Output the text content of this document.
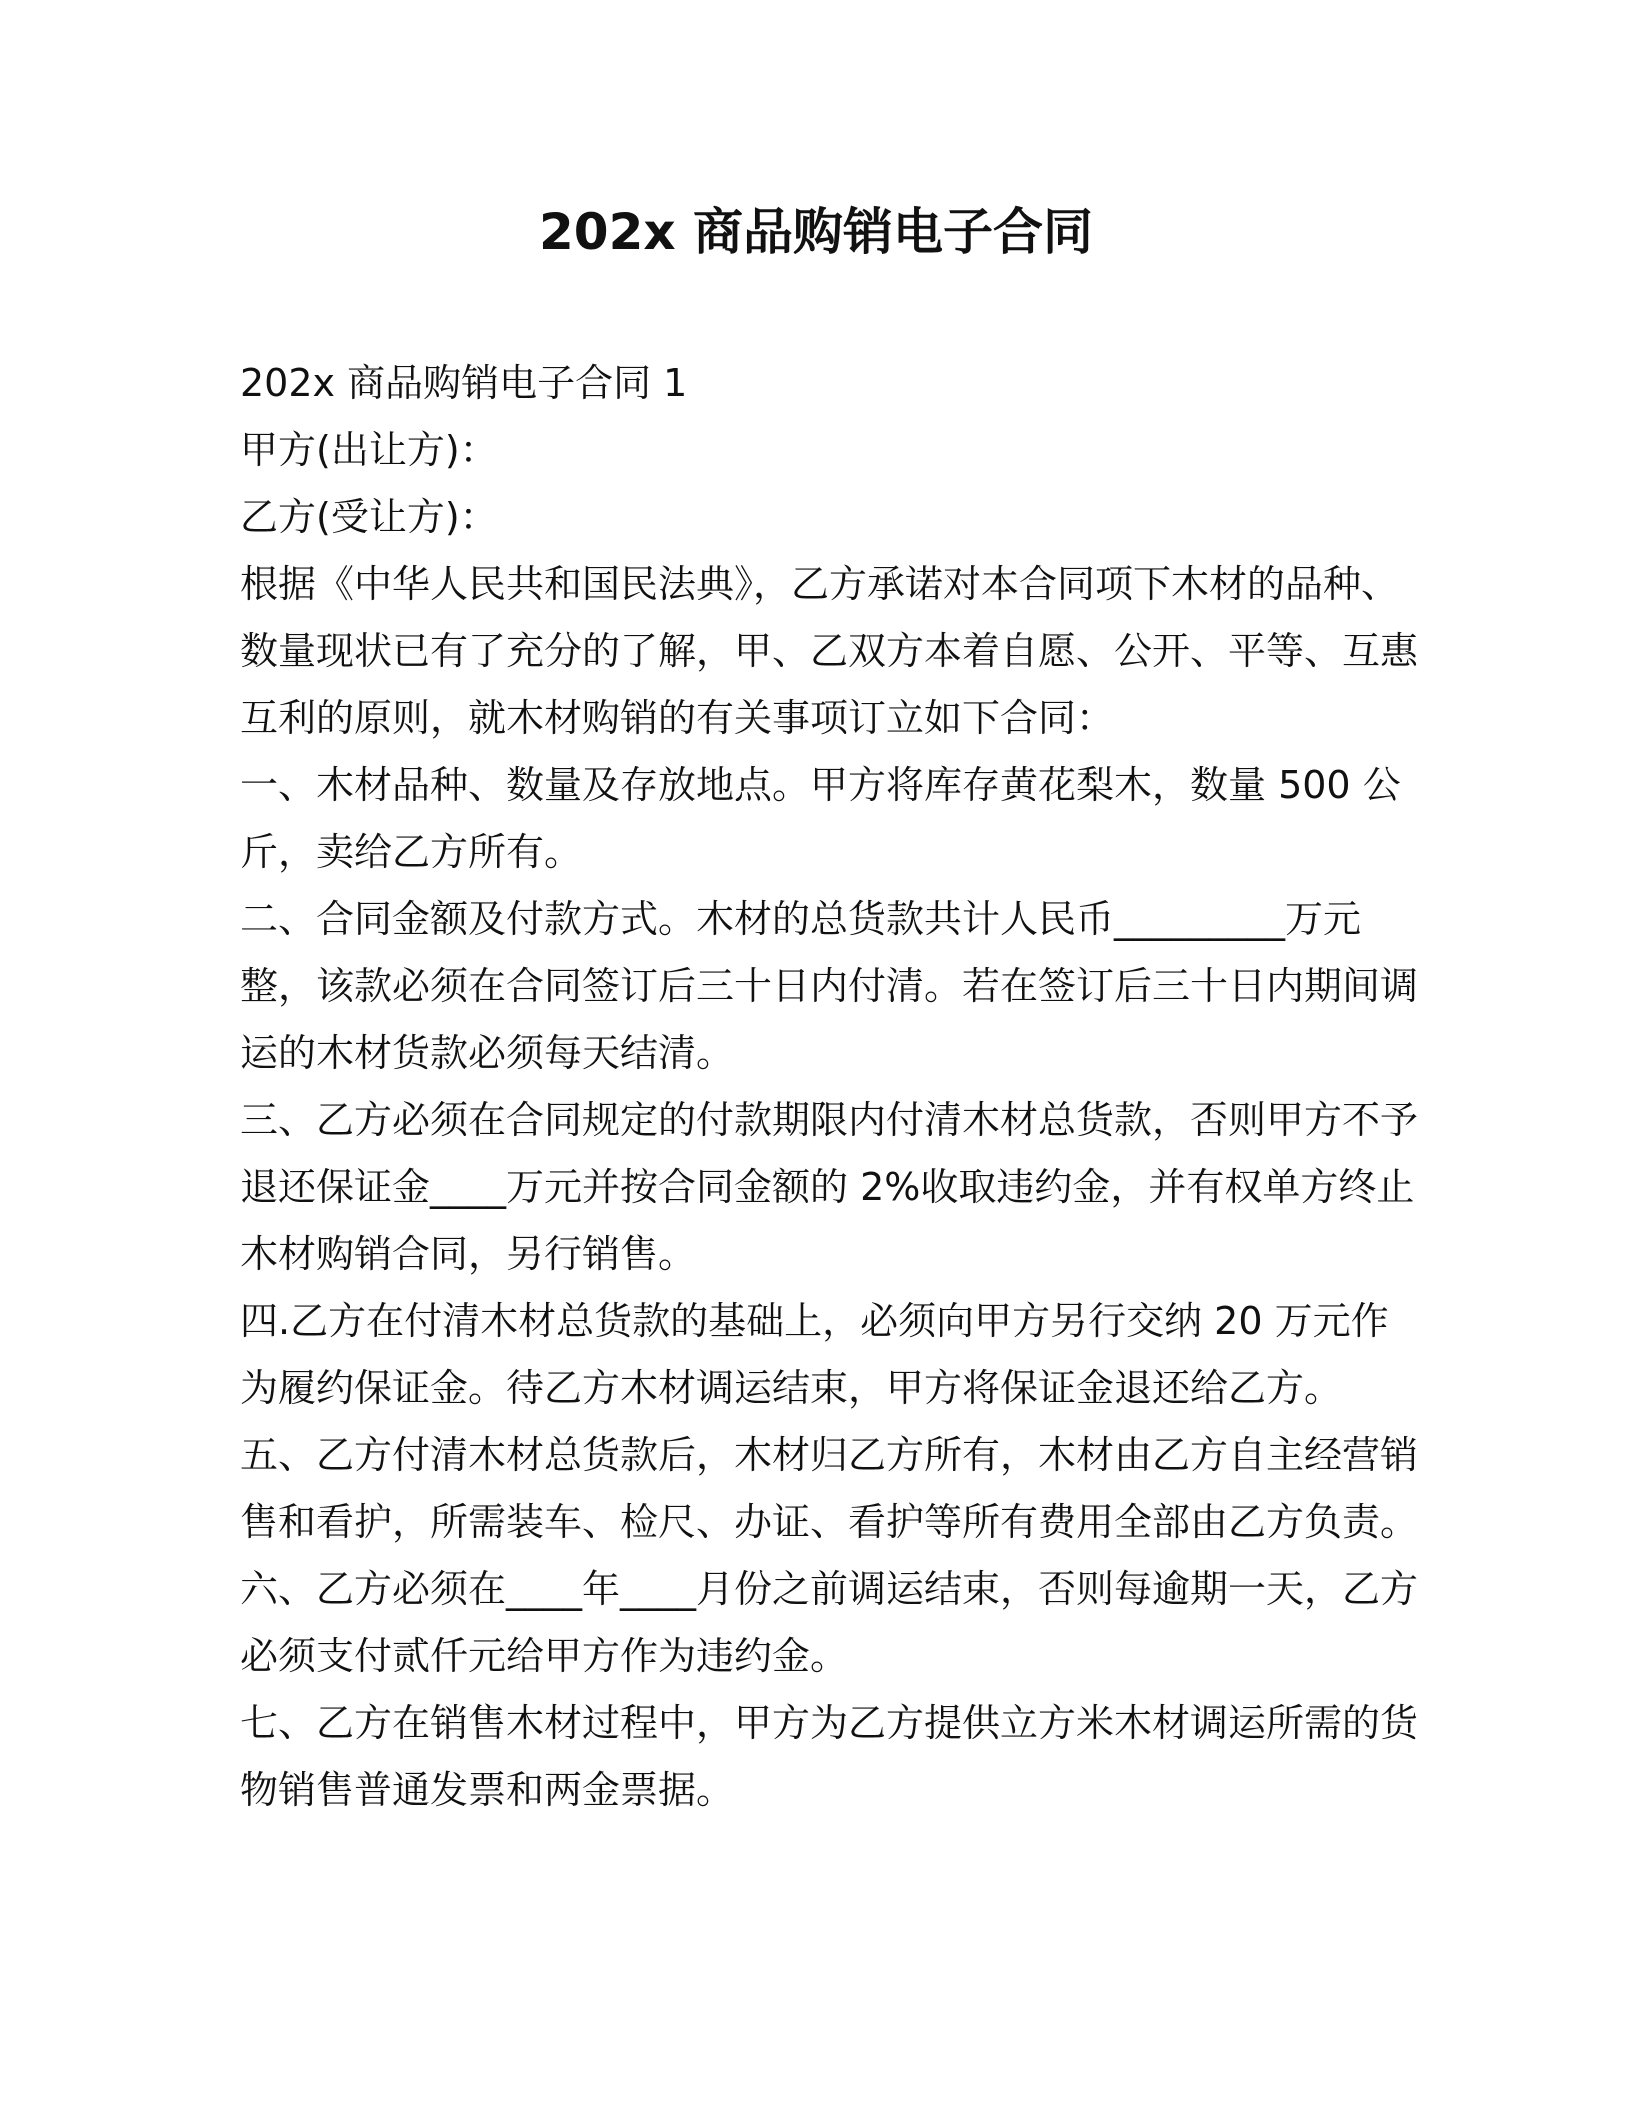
202x 商品购销电子合同

202x 商品购销电子合同 1

甲方(出让方)：

乙方(受让方)：

根据《中华人民共和国民法典》，乙方承诺对本合同项下木材的品种、数量现状已有了充分的了解，甲、乙双方本着自愿、公开、平等、互惠互利的原则，就木材购销的有关事项订立如下合同：

一、木材品种、数量及存放地点。甲方将库存黄花梨木，数量 500 公斤，卖给乙方所有。

二、合同金额及付款方式。木材的总货款共计人民币_________万元整，该款必须在合同签订后三十日内付清。若在签订后三十日内期间调运的木材货款必须每天结清。

三、乙方必须在合同规定的付款期限内付清木材总货款，否则甲方不予退还保证金____万元并按合同金额的 2%收取违约金，并有权单方终止木材购销合同，另行销售。

四.乙方在付清木材总货款的基础上，必须向甲方另行交纳 20 万元作为履约保证金。待乙方木材调运结束，甲方将保证金退还给乙方。

五、乙方付清木材总货款后，木材归乙方所有，木材由乙方自主经营销售和看护，所需装车、检尺、办证、看护等所有费用全部由乙方负责。

六、乙方必须在____年____月份之前调运结束，否则每逾期一天，乙方必须支付贰仟元给甲方作为违约金。

七、乙方在销售木材过程中，甲方为乙方提供立方米木材调运所需的货物销售普通发票和两金票据。
